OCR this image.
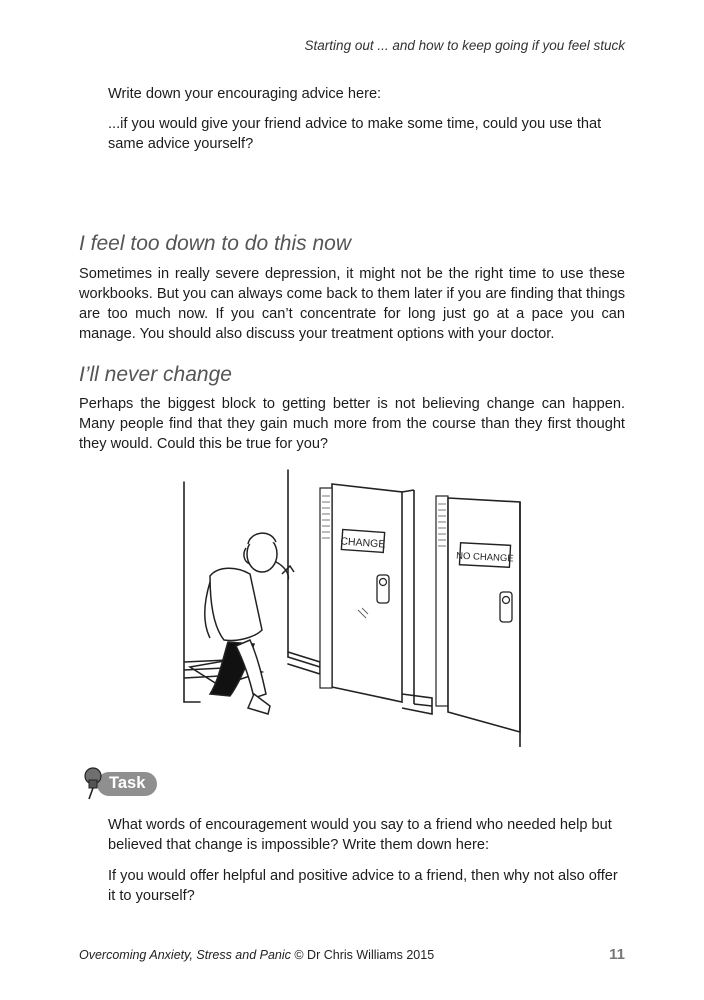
Starting out ... and how to keep going if you feel stuck

Write down your encouraging advice here:

...if you would give your friend advice to make some time, could you use that same advice yourself?

I feel too down to do this now

Sometimes in really severe depression, it might not be the right time to use these workbooks. But you can always come back to them later if you are finding that things are too much now. If you can’t concentrate for long just go at a pace you can manage. You should also discuss your treatment options with your doctor.

I’ll never change

Perhaps the biggest block to getting better is not believing change can happen. Many people find that they gain much more from the course than they first thought they would. Could this be true for you?

CHANGE
NO CHANGE
Task

What words of encouragement would you say to a friend who needed help but believed that change is impossible? Write them down here:

If you would offer helpful and positive advice to a friend, then why not also offer it to yourself?

Overcoming Anxiety, Stress and Panic © Dr Chris Williams 2015	11
